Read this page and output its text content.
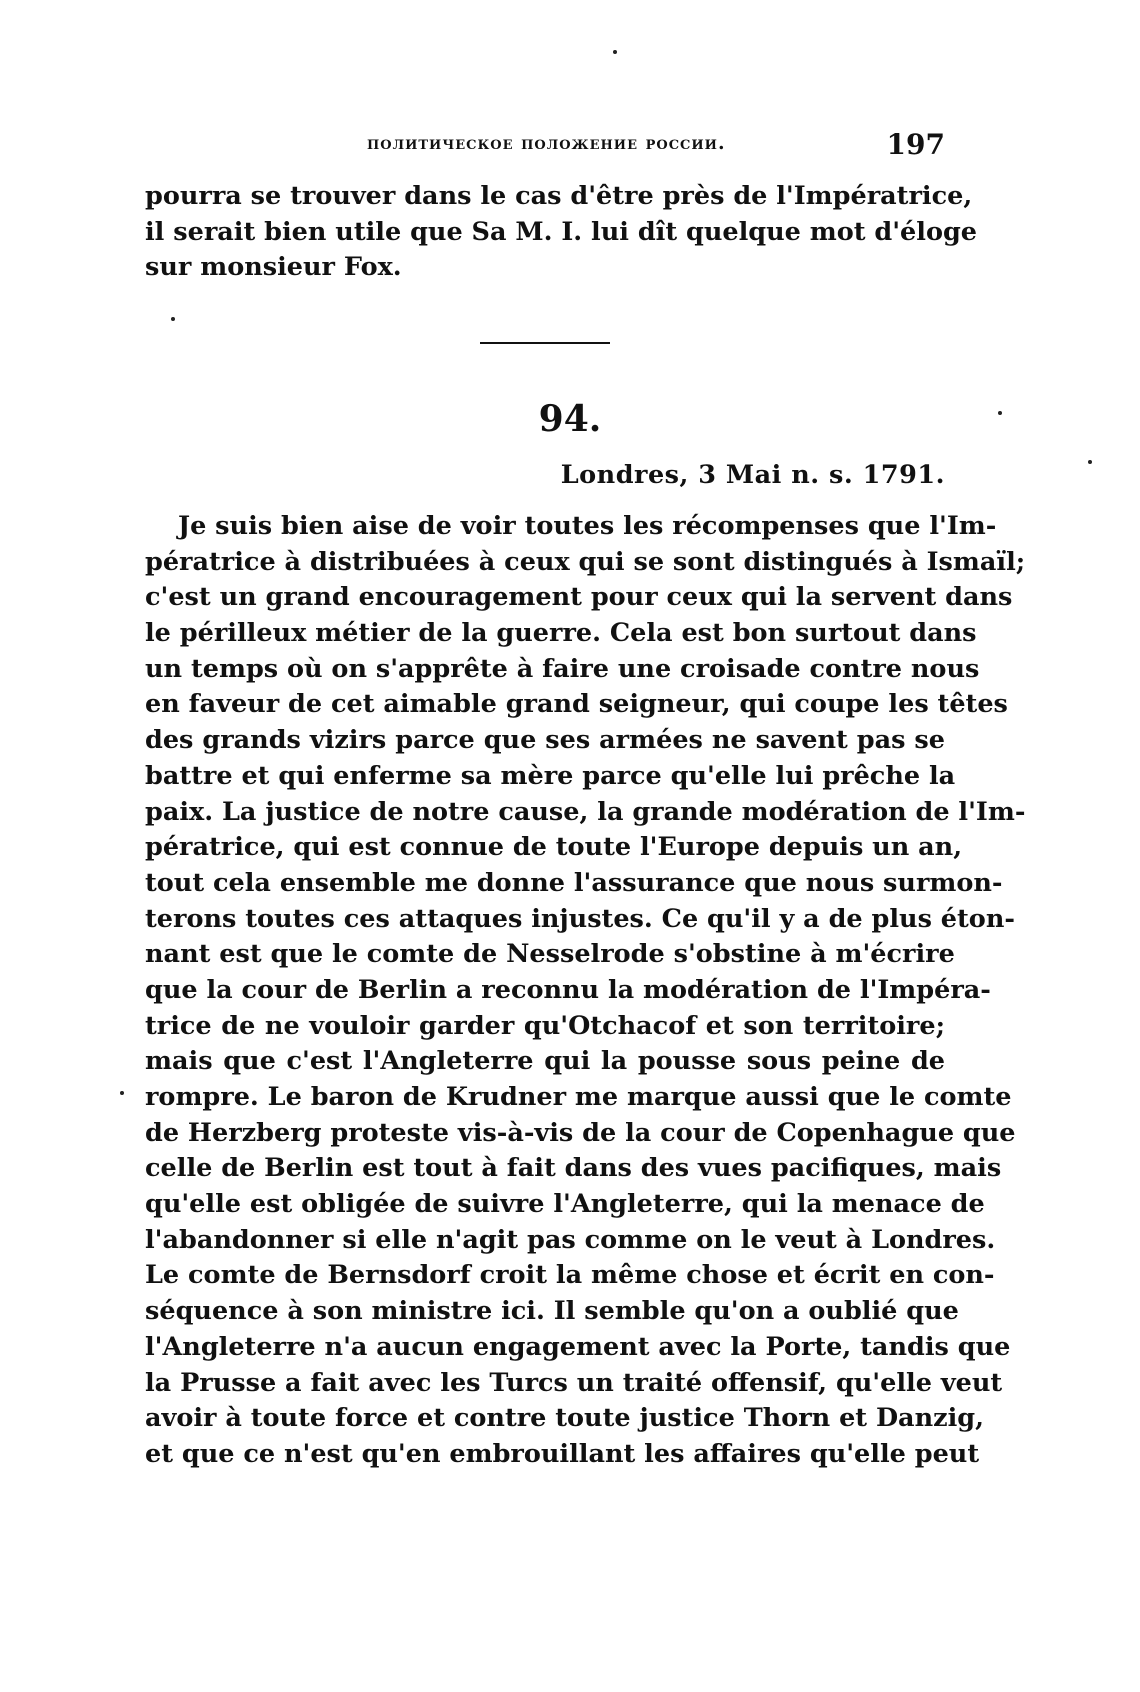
политическое положение россии.	197
pourra se trouver dans le cas d'être près de l'Impératrice,
il serait bien utile que Sa M. I. lui dît quelque mot d'éloge
sur monsieur Fox.
94.
Londres, 3 Mai n. s. 1791.
Je suis bien aise de voir toutes les récompenses que l'Im-
pératrice à distribuées à ceux qui se sont distingués à Ismaïl;
c'est un grand encouragement pour ceux qui la servent dans
le périlleux métier de la guerre. Cela est bon surtout dans
un temps où on s'apprête à faire une croisade contre nous
en faveur de cet aimable grand seigneur, qui coupe les têtes
des grands vizirs parce que ses armées ne savent pas se
battre et qui enferme sa mère parce qu'elle lui prêche la
paix. La justice de notre cause, la grande modération de l'Im-
pératrice, qui est connue de toute l'Europe depuis un an,
tout cela ensemble me donne l'assurance que nous surmon-
terons toutes ces attaques injustes. Ce qu'il y a de plus éton-
nant est que le comte de Nesselrode s'obstine à m'écrire
que la cour de Berlin a reconnu la modération de l'Impéra-
trice de ne vouloir garder qu'Otchacof et son territoire;
mais que c'est l'Angleterre qui la pousse sous peine de
rompre. Le baron de Krudner me marque aussi que le comte
de Herzberg proteste vis-à-vis de la cour de Copenhague que
celle de Berlin est tout à fait dans des vues pacifiques, mais
qu'elle est obligée de suivre l'Angleterre, qui la menace de
l'abandonner si elle n'agit pas comme on le veut à Londres.
Le comte de Bernsdorf croit la même chose et écrit en con-
séquence à son ministre ici. Il semble qu'on a oublié que
l'Angleterre n'a aucun engagement avec la Porte, tandis que
la Prusse a fait avec les Turcs un traité offensif, qu'elle veut
avoir à toute force et contre toute justice Thorn et Danzig,
et que ce n'est qu'en embrouillant les affaires qu'elle peut
